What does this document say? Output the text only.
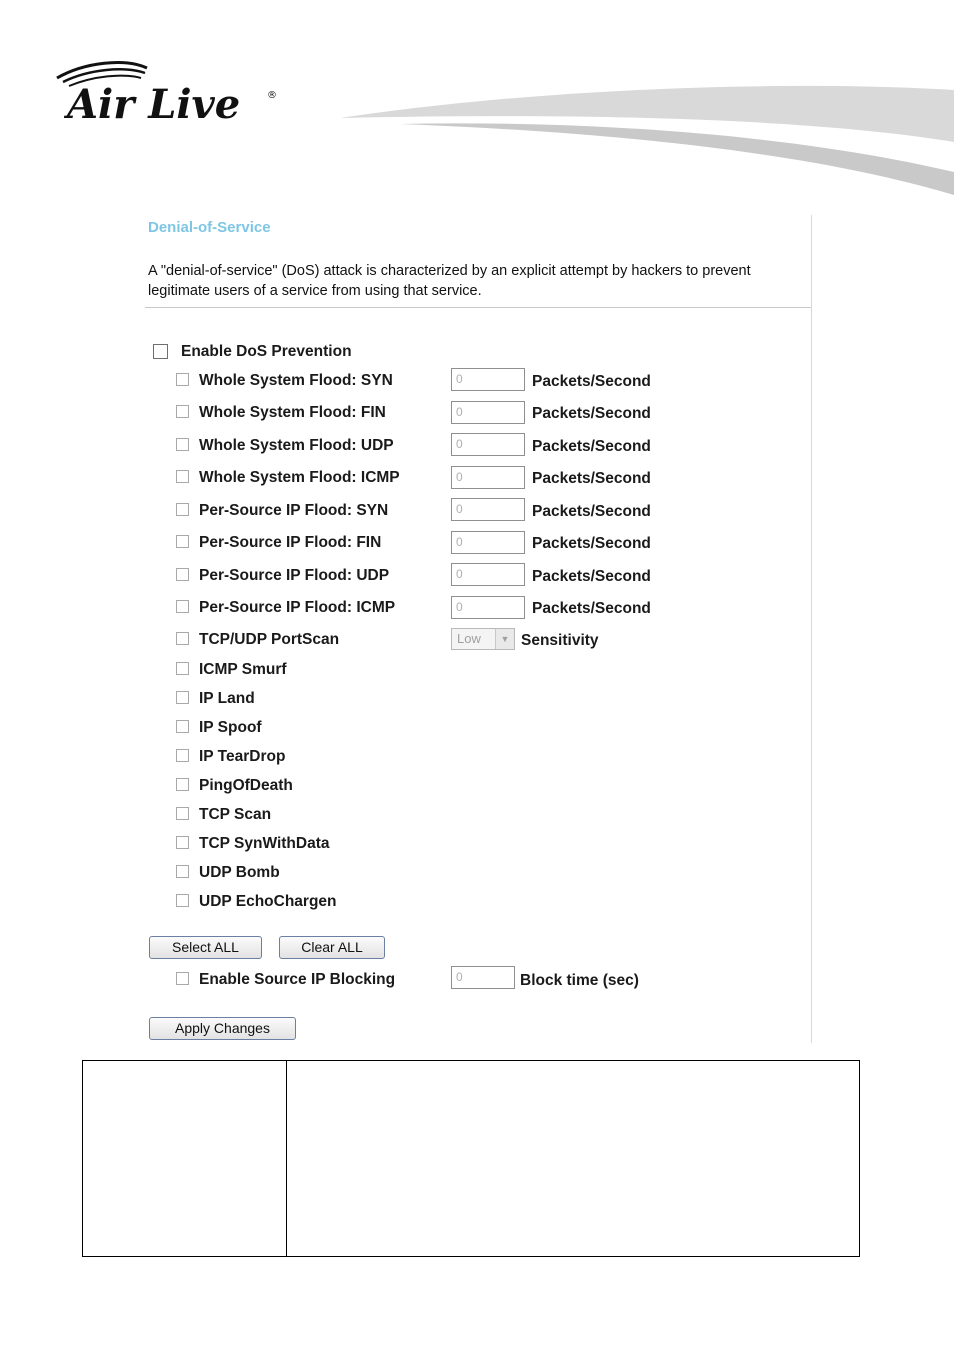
Air Live	®
Denial-of-Service
A "denial-of-service" (DoS) attack is characterized by an explicit attempt by hackers to prevent legitimate users of a service from using that service.
Enable DoS Prevention
Whole System Flood: SYN	0	Packets/Second
Whole System Flood: FIN	0	Packets/Second
Whole System Flood: UDP	0	Packets/Second
Whole System Flood: ICMP	0	Packets/Second
Per-Source IP Flood: SYN	0	Packets/Second
Per-Source IP Flood: FIN	0	Packets/Second
Per-Source IP Flood: UDP	0	Packets/Second
Per-Source IP Flood: ICMP	0	Packets/Second
TCP/UDP PortScan	Low	▼ Sensitivity
ICMP Smurf
IP Land
IP Spoof
IP TearDrop
PingOfDeath
TCP Scan
TCP SynWithData
UDP Bomb
UDP EchoChargen
Select ALL	Clear ALL
Enable Source IP Blocking	0	Block time (sec)
Apply Changes
